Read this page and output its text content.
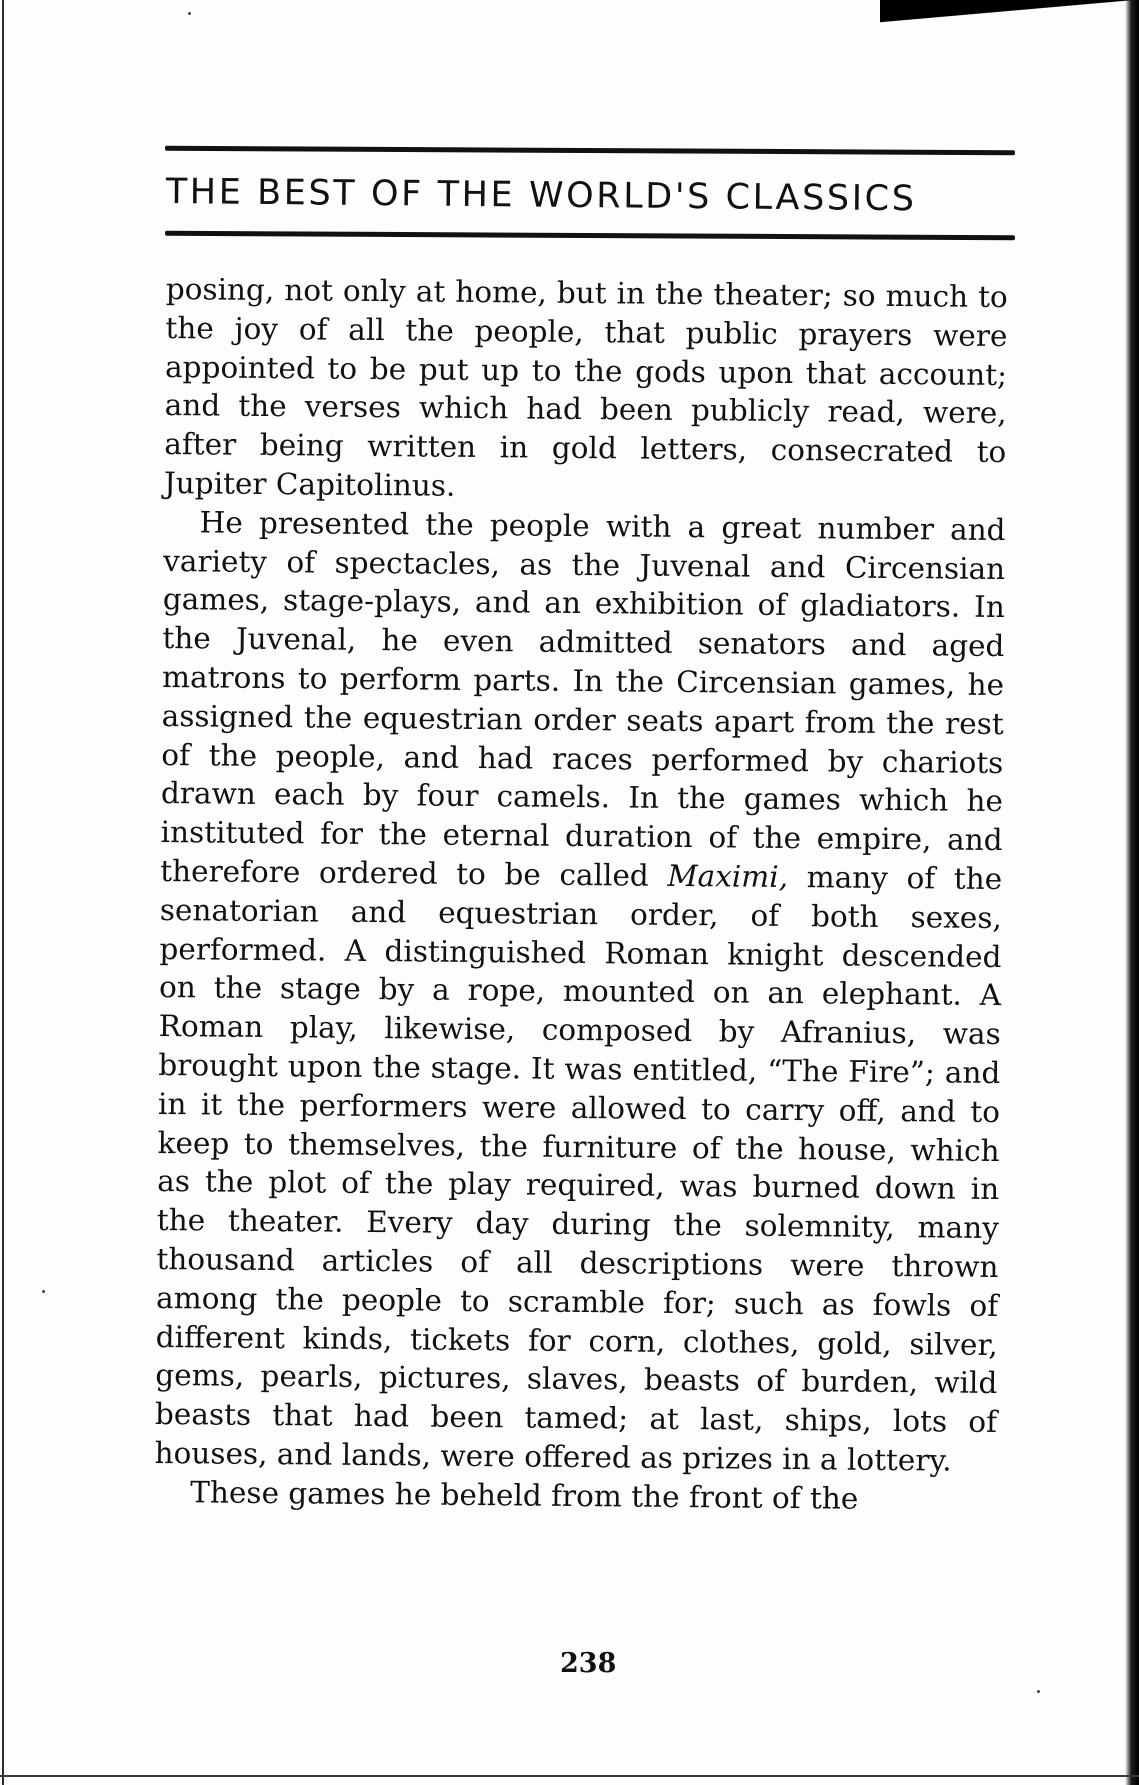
THE BEST OF THE WORLD'S CLASSICS

posing, not only at home, but in the theater; so much to the joy of all the people, that public prayers were appointed to be put up to the gods upon that account; and the verses which had been publicly read, were, after being written in gold letters, consecrated to Jupiter Capitolinus.

He presented the people with a great number and variety of spectacles, as the Juvenal and Circensian games, stage-plays, and an exhibition of gladiators. In the Juvenal, he even admitted senators and aged matrons to perform parts. In the Circensian games, he assigned the equestrian order seats apart from the rest of the people, and had races performed by chariots drawn each by four camels. In the games which he instituted for the eternal duration of the empire, and therefore ordered to be called Maximi, many of the senatorian and equestrian order, of both sexes, performed. A distinguished Roman knight descended on the stage by a rope, mounted on an elephant. A Roman play, likewise, composed by Afranius, was brought upon the stage. It was entitled, “The Fire”; and in it the performers were allowed to carry off, and to keep to themselves, the furniture of the house, which as the plot of the play required, was burned down in the theater. Every day during the solemnity, many thousand articles of all descriptions were thrown among the people to scramble for; such as fowls of different kinds, tickets for corn, clothes, gold, silver, gems, pearls, pictures, slaves, beasts of burden, wild beasts that had been tamed; at last, ships, lots of houses, and lands, were offered as prizes in a lottery.

These games he beheld from the front of the

238
